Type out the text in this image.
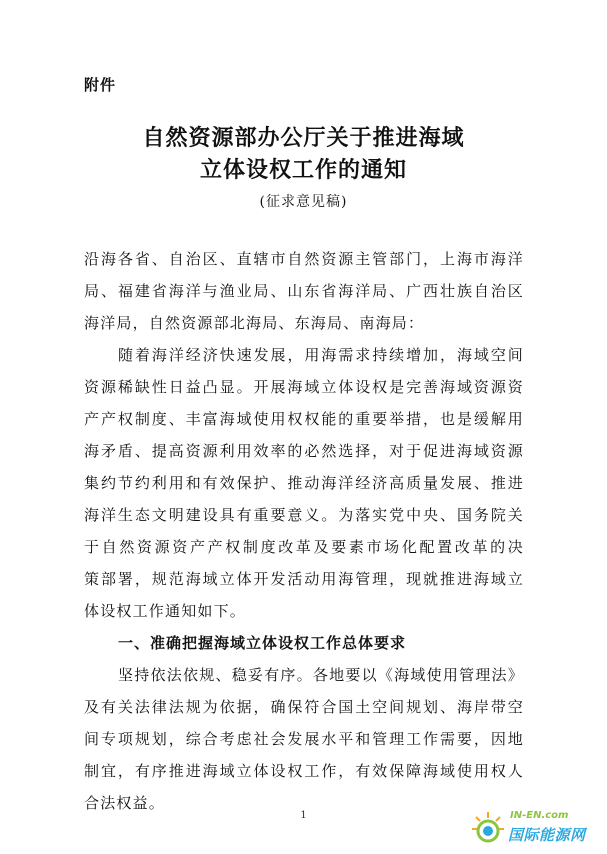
附件
自然资源部办公厅关于推进海域
立体设权工作的通知
(征求意见稿)
沿海各省、自治区、直辖市自然资源主管部门，上海市海洋
局、福建省海洋与渔业局、山东省海洋局、广西壮族自治区
海洋局，自然资源部北海局、东海局、南海局：
随着海洋经济快速发展，用海需求持续增加，海域空间
资源稀缺性日益凸显。开展海域立体设权是完善海域资源资
产产权制度、丰富海域使用权权能的重要举措，也是缓解用
海矛盾、提高资源利用效率的必然选择，对于促进海域资源
集约节约利用和有效保护、推动海洋经济高质量发展、推进
海洋生态文明建设具有重要意义。为落实党中央、国务院关
于自然资源资产产权制度改革及要素市场化配置改革的决
策部署，规范海域立体开发活动用海管理，现就推进海域立
体设权工作通知如下。
一、准确把握海域立体设权工作总体要求
坚持依法依规、稳妥有序。各地要以《海域使用管理法》
及有关法律法规为依据，确保符合国土空间规划、海岸带空
间专项规划，综合考虑社会发展水平和管理工作需要，因地
制宜，有序推进海域立体设权工作，有效保障海域使用权人
合法权益。
1	IN-EN.com
国际能源网
